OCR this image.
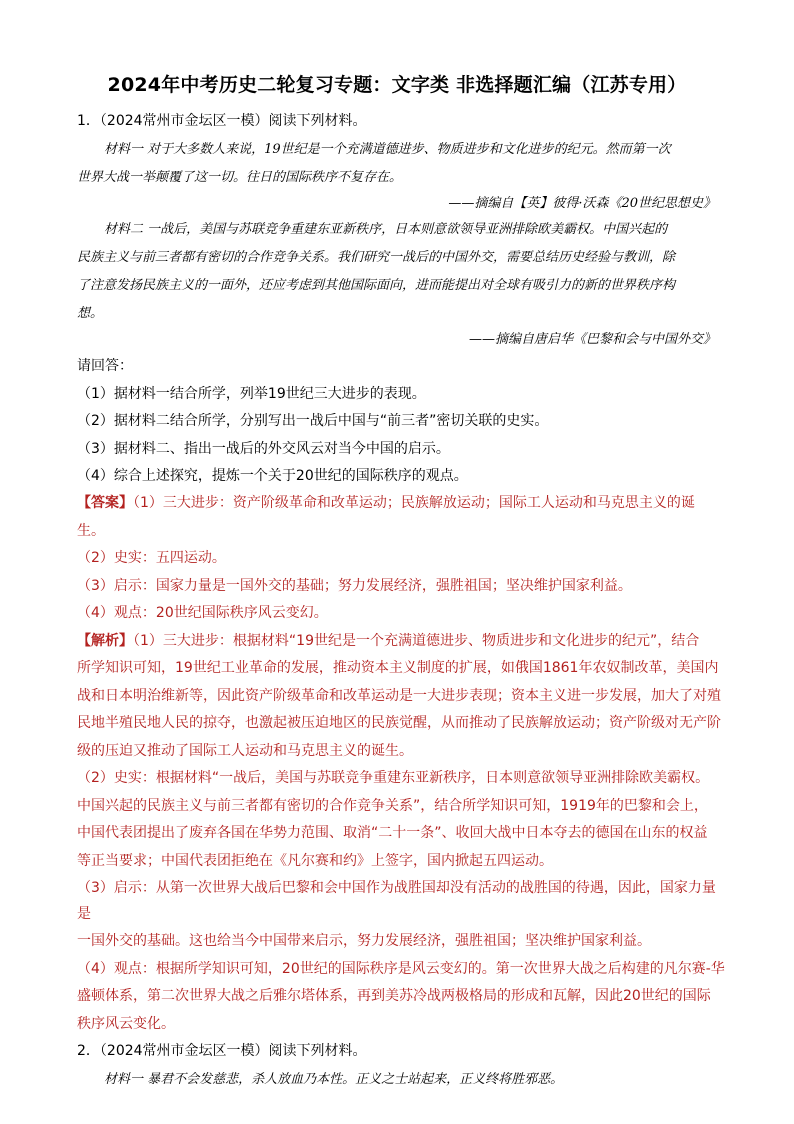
2024年中考历史二轮复习专题：文字类 非选择题汇编（江苏专用）
1．（2024常州市金坛区一模）阅读下列材料。
材料一 对于大多数人来说，19世纪是一个充满道德进步、物质进步和文化进步的纪元。然而第一次
世界大战一举颠覆了这一切。往日的国际秩序不复存在。
——摘编自【英】彼得·沃森《20世纪思想史》
材料二 一战后，美国与苏联竞争重建东亚新秩序，日本则意欲领导亚洲排除欧美霸权。中国兴起的
民族主义与前三者都有密切的合作竞争关系。我们研究一战后的中国外交，需要总结历史经验与教训，除
了注意发扬民族主义的一面外，还应考虑到其他国际面向，进而能提出对全球有吸引力的新的世界秩序构
想。
——摘编自唐启华《巴黎和会与中国外交》
请回答：
（1）据材料一结合所学，列举19世纪三大进步的表现。
（2）据材料二结合所学，分别写出一战后中国与“前三者”密切关联的史实。
（3）据材料二、指出一战后的外交风云对当今中国的启示。
（4）综合上述探究，提炼一个关于20世纪的国际秩序的观点。
【答案】（1）三大进步：资产阶级革命和改革运动；民族解放运动；国际工人运动和马克思主义的诞
生。
（2）史实：五四运动。
（3）启示：国家力量是一国外交的基础；努力发展经济，强胜祖国；坚决维护国家利益。
（4）观点：20世纪国际秩序风云变幻。
【解析】（1）三大进步：根据材料“19世纪是一个充满道德进步、物质进步和文化进步的纪元”，结合
所学知识可知，19世纪工业革命的发展，推动资本主义制度的扩展，如俄国1861年农奴制改革，美国内
战和日本明治维新等，因此资产阶级革命和改革运动是一大进步表现；资本主义进一步发展，加大了对殖
民地半殖民地人民的掠夺，也激起被压迫地区的民族觉醒，从而推动了民族解放运动；资产阶级对无产阶
级的压迫又推动了国际工人运动和马克思主义的诞生。
（2）史实：根据材料“一战后，美国与苏联竞争重建东亚新秩序，日本则意欲领导亚洲排除欧美霸权。
中国兴起的民族主义与前三者都有密切的合作竞争关系”，结合所学知识可知，1919年的巴黎和会上，
中国代表团提出了废弃各国在华势力范围、取消“二十一条”、收回大战中日本夺去的德国在山东的权益
等正当要求；中国代表团拒绝在《凡尔赛和约》上签字，国内掀起五四运动。
（3）启示：从第一次世界大战后巴黎和会中国作为战胜国却没有活动的战胜国的待遇，因此，国家力量
是
一国外交的基础。这也给当今中国带来启示，努力发展经济，强胜祖国；坚决维护国家利益。
（4）观点：根据所学知识可知，20世纪的国际秩序是风云变幻的。第一次世界大战之后构建的凡尔赛-华
盛顿体系，第二次世界大战之后雅尔塔体系，再到美苏冷战两极格局的形成和瓦解，因此20世纪的国际
秩序风云变化。
2．（2024常州市金坛区一模）阅读下列材料。
材料一 暴君不会发慈悲，杀人放血乃本性。正义之士站起来，正义终将胜邪恶。
